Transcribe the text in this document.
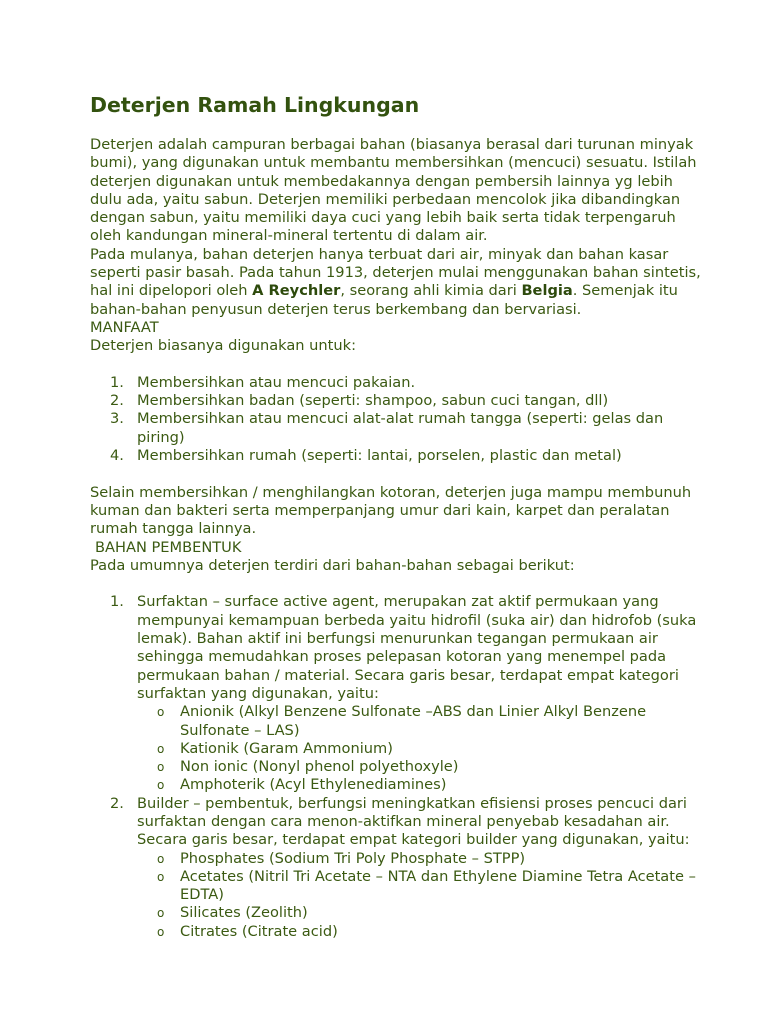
Deterjen Ramah Lingkungan

Deterjen adalah campuran berbagai bahan (biasanya berasal dari turunan minyak bumi), yang digunakan untuk membantu membersihkan (mencuci) sesuatu. Istilah deterjen digunakan untuk membedakannya dengan pembersih lainnya yg lebih dulu ada, yaitu sabun. Deterjen memiliki perbedaan mencolok jika dibandingkan dengan sabun, yaitu memiliki daya cuci yang lebih baik serta tidak terpengaruh oleh kandungan mineral-mineral tertentu di dalam air.

Pada mulanya, bahan deterjen hanya terbuat dari air, minyak dan bahan kasar seperti pasir basah. Pada tahun 1913, deterjen mulai menggunakan bahan sintetis, hal ini dipelopori oleh A Reychler, seorang ahli kimia dari Belgia. Semenjak itu bahan-bahan penyusun deterjen terus berkembang dan bervariasi.

MANFAAT

Deterjen biasanya digunakan untuk:

1. Membersihkan atau mencuci pakaian.
2. Membersihkan badan (seperti: shampoo, sabun cuci tangan, dll)
3. Membersihkan atau mencuci alat-alat rumah tangga (seperti: gelas dan piring)
4. Membersihkan rumah (seperti: lantai, porselen, plastic dan metal)

Selain membersihkan / menghilangkan kotoran, deterjen juga mampu membunuh kuman dan bakteri serta memperpanjang umur dari kain, karpet dan peralatan rumah tangga lainnya.

BAHAN PEMBENTUK

Pada umumnya deterjen terdiri dari bahan-bahan sebagai berikut:

1. Surfaktan – surface active agent, merupakan zat aktif permukaan yang mempunyai kemampuan berbeda yaitu hidrofil (suka air) dan hidrofob (suka lemak). Bahan aktif ini berfungsi menurunkan tegangan permukaan air sehingga memudahkan proses pelepasan kotoran yang menempel pada permukaan bahan / material. Secara garis besar, terdapat empat kategori surfaktan yang digunakan, yaitu:
o Anionik (Alkyl Benzene Sulfonate –ABS dan Linier Alkyl Benzene Sulfonate – LAS)
o Kationik (Garam Ammonium)
o Non ionic (Nonyl phenol polyethoxyle)
o Amphoterik (Acyl Ethylenediamines)
2. Builder – pembentuk, berfungsi meningkatkan efisiensi proses pencuci dari surfaktan dengan cara menon-aktifkan mineral penyebab kesadahan air. Secara garis besar, terdapat empat kategori builder yang digunakan, yaitu:
o Phosphates (Sodium Tri Poly Phosphate – STPP)
o Acetates (Nitril Tri Acetate – NTA dan Ethylene Diamine Tetra Acetate – EDTA)
o Silicates (Zeolith)
o Citrates (Citrate acid)
